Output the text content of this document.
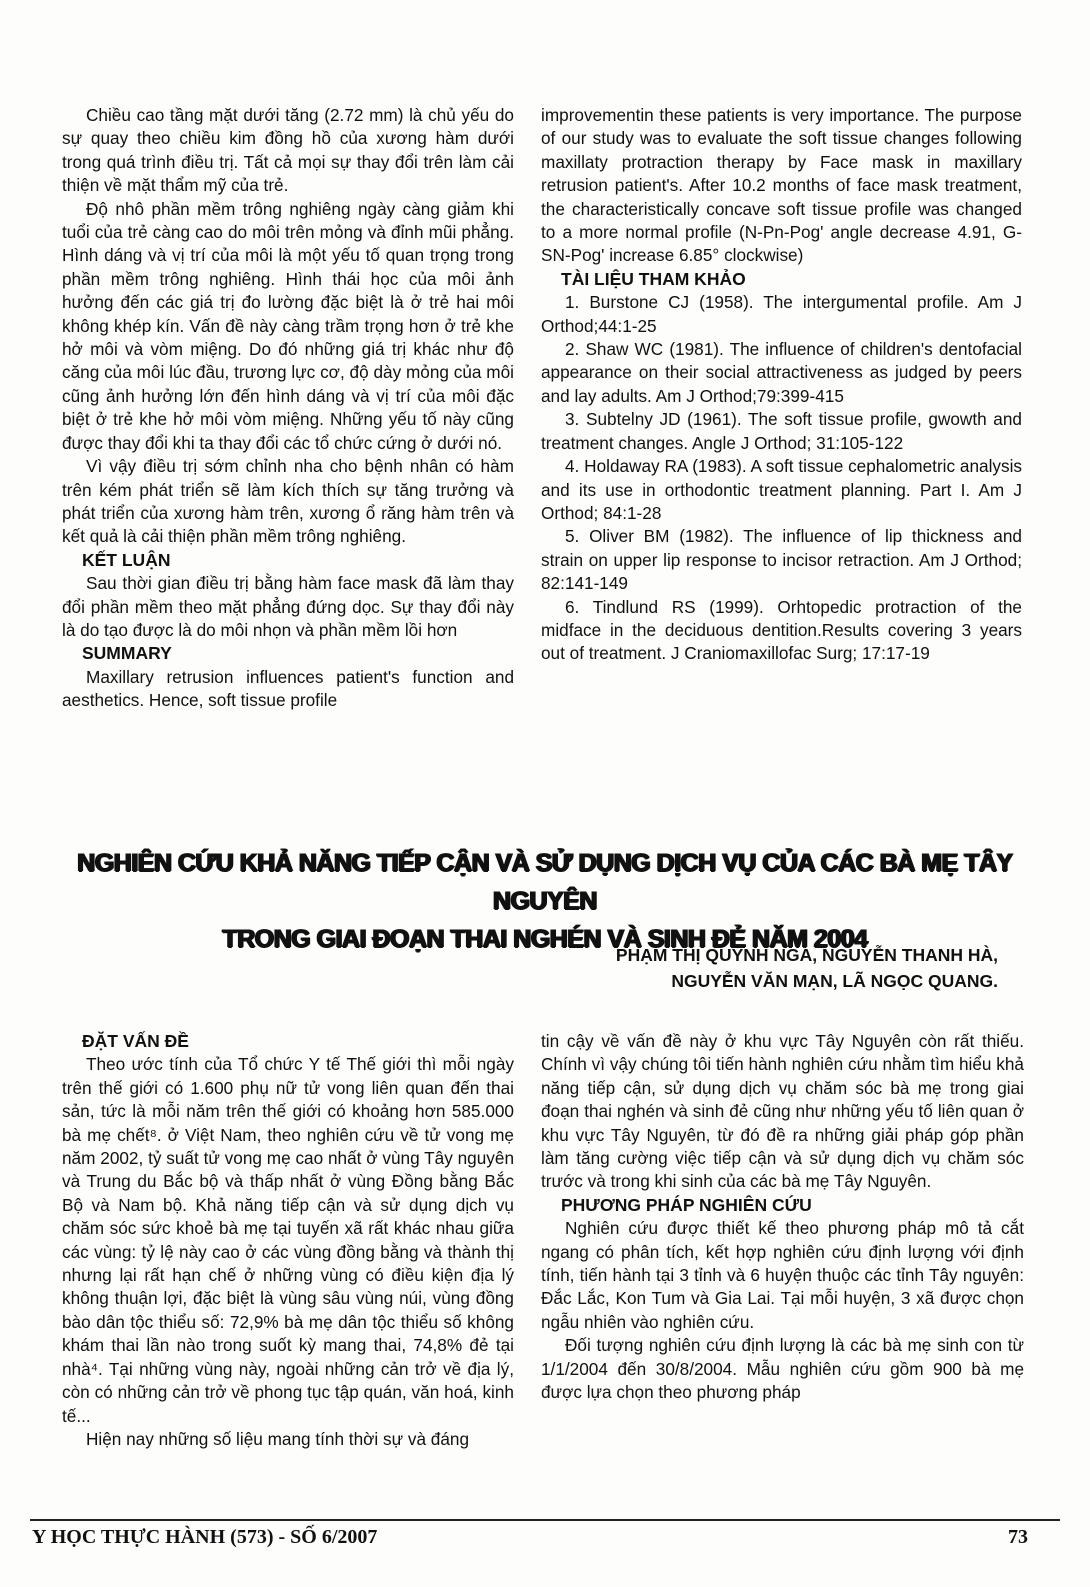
Chiều cao tầng mặt dưới tăng (2.72 mm) là chủ yếu do sự quay theo chiều kim đồng hồ của xương hàm dưới trong quá trình điều trị. Tất cả mọi sự thay đổi trên làm cải thiện về mặt thẩm mỹ của trẻ.

Độ nhô phần mềm trông nghiêng ngày càng giảm khi tuổi của trẻ càng cao do môi trên mỏng và đỉnh mũi phẳng. Hình dáng và vị trí của môi là một yếu tố quan trọng trong phần mềm trông nghiêng. Hình thái học của môi ảnh hưởng đến các giá trị đo lường đặc biệt là ở trẻ hai môi không khép kín. Vấn đề này càng trầm trọng hơn ở trẻ khe hở môi và vòm miệng. Do đó những giá trị khác như độ căng của môi lúc đầu, trương lực cơ, độ dày mỏng của môi cũng ảnh hưởng lớn đến hình dáng và vị trí của môi đặc biệt ở trẻ khe hở môi vòm miệng. Những yếu tố này cũng được thay đổi khi ta thay đổi các tổ chức cứng ở dưới nó.

Vì vậy điều trị sớm chỉnh nha cho bệnh nhân có hàm trên kém phát triển sẽ làm kích thích sự tăng trưởng và phát triển của xương hàm trên, xương ổ răng hàm trên và kết quả là cải thiện phần mềm trông nghiêng.

KẾT LUẬN

Sau thời gian điều trị bằng hàm face mask đã làm thay đổi phần mềm theo mặt phẳng đứng dọc. Sự thay đổi này là do tạo được là do môi nhọn và phần mềm lồi hơn

SUMMARY

Maxillary retrusion influences patient's function and aesthetics. Hence, soft tissue profile

improvementin these patients is very importance. The purpose of our study was to evaluate the soft tissue changes following maxillaty protraction therapy by Face mask in maxillary retrusion patient's. After 10.2 months of face mask treatment, the characteristically concave soft tissue profile was changed to a more normal profile (N-Pn-Pog' angle decrease 4.91, G-SN-Pog' increase 6.85° clockwise)

TÀI LIỆU THAM KHẢO

1. Burstone CJ (1958). The intergumental profile. Am J Orthod;44:1-25

2. Shaw WC (1981). The influence of children's dentofacial appearance on their social attractiveness as judged by peers and lay adults. Am J Orthod;79:399-415

3. Subtelny JD (1961). The soft tissue profile, gwowth and treatment changes. Angle J Orthod; 31:105-122

4. Holdaway RA (1983). A soft tissue cephalometric analysis and its use in orthodontic treatment planning. Part I. Am J Orthod; 84:1-28

5. Oliver BM (1982). The influence of lip thickness and strain on upper lip response to incisor retraction. Am J Orthod; 82:141-149

6. Tindlund RS (1999). Orhtopedic protraction of the midface in the deciduous dentition.Results covering 3 years out of treatment. J Craniomaxillofac Surg; 17:17-19

NGHIÊN CỨU KHẢ NĂNG TIẾP CẬN VÀ SỬ DỤNG DỊCH VỤ CỦA CÁC BÀ MẸ TÂY NGUYÊN
TRONG GIAI ĐOẠN THAI NGHÉN VÀ SINH ĐẺ NĂM 2004
PHẠM THỊ QUỲNH NGA, NGUYỄN THANH HÀ,
NGUYỄN VĂN MẠN, LÃ NGỌC QUANG.
ĐẶT VẤN ĐỀ

Theo ước tính của Tổ chức Y tế Thế giới thì mỗi ngày trên thế giới có 1.600 phụ nữ tử vong liên quan đến thai sản, tức là mỗi năm trên thế giới có khoảng hơn 585.000 bà mẹ chết⁸. ở Việt Nam, theo nghiên cứu về tử vong mẹ năm 2002, tỷ suất tử vong mẹ cao nhất ở vùng Tây nguyên và Trung du Bắc bộ và thấp nhất ở vùng Đồng bằng Bắc Bộ và Nam bộ. Khả năng tiếp cận và sử dụng dịch vụ chăm sóc sức khoẻ bà mẹ tại tuyến xã rất khác nhau giữa các vùng: tỷ lệ này cao ở các vùng đồng bằng và thành thị nhưng lại rất hạn chế ở những vùng có điều kiện địa lý không thuận lợi, đặc biệt là vùng sâu vùng núi, vùng đồng bào dân tộc thiểu số: 72,9% bà mẹ dân tộc thiểu số không khám thai lần nào trong suốt kỳ mang thai, 74,8% đẻ tại nhà⁴. Tại những vùng này, ngoài những cản trở về địa lý, còn có những cản trở về phong tục tập quán, văn hoá, kinh tế...

Hiện nay những số liệu mang tính thời sự và đáng

tin cậy về vấn đề này ở khu vực Tây Nguyên còn rất thiếu. Chính vì vậy chúng tôi tiến hành nghiên cứu nhằm tìm hiểu khả năng tiếp cận, sử dụng dịch vụ chăm sóc bà mẹ trong giai đoạn thai nghén và sinh đẻ cũng như những yếu tố liên quan ở khu vực Tây Nguyên, từ đó đề ra những giải pháp góp phần làm tăng cường việc tiếp cận và sử dụng dịch vụ chăm sóc trước và trong khi sinh của các bà mẹ Tây Nguyên.

PHƯƠNG PHÁP NGHIÊN CỨU

Nghiên cứu được thiết kế theo phương pháp mô tả cắt ngang có phân tích, kết hợp nghiên cứu định lượng với định tính, tiến hành tại 3 tỉnh và 6 huyện thuộc các tỉnh Tây nguyên: Đắc Lắc, Kon Tum và Gia Lai. Tại mỗi huyện, 3 xã được chọn ngẫu nhiên vào nghiên cứu.

Đối tượng nghiên cứu định lượng là các bà mẹ sinh con từ 1/1/2004 đến 30/8/2004. Mẫu nghiên cứu gồm 900 bà mẹ được lựa chọn theo phương pháp

Y HỌC THỰC HÀNH (573) - SỐ 6/2007	73
